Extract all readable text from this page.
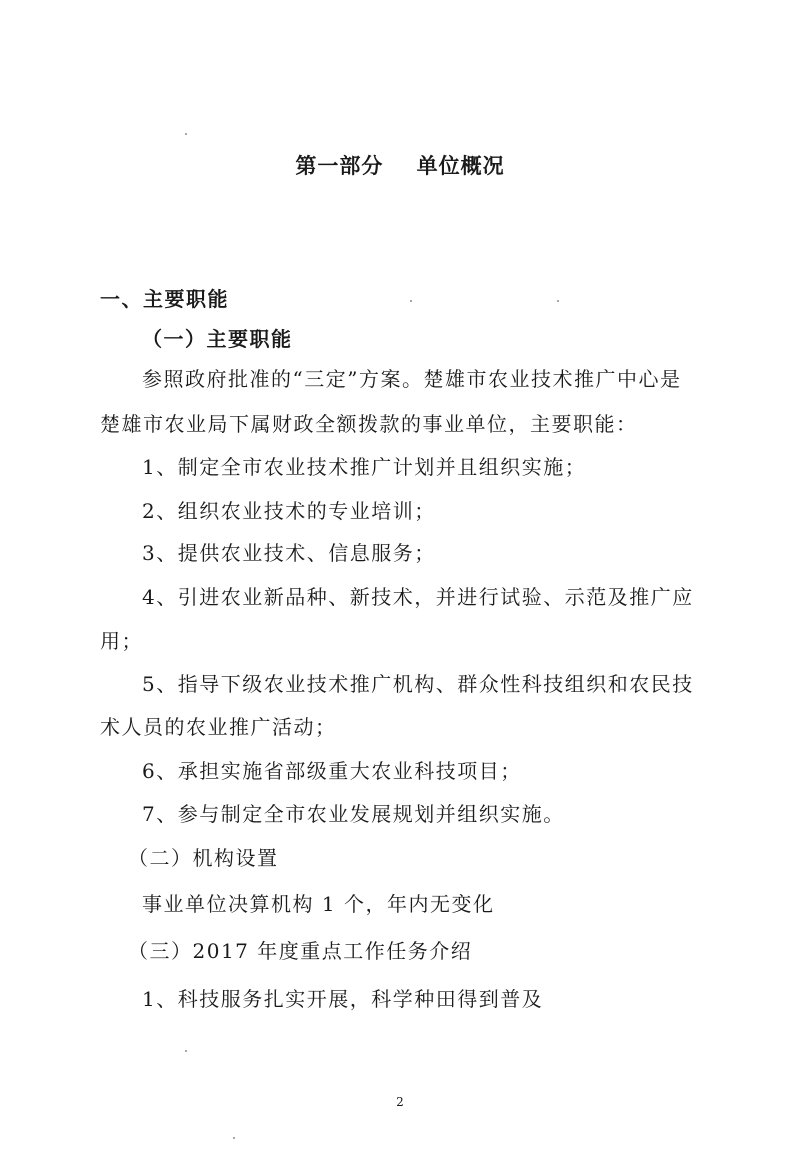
第一部分    单位概况
一、主要职能
（一）主要职能
参照政府批准的“三定”方案。楚雄市农业技术推广中心是
楚雄市农业局下属财政全额拨款的事业单位，主要职能：
1、制定全市农业技术推广计划并且组织实施；
2、组织农业技术的专业培训；
3、提供农业技术、信息服务；
4、引进农业新品种、新技术，并进行试验、示范及推广应
用；
5、指导下级农业技术推广机构、群众性科技组织和农民技
术人员的农业推广活动；
6、承担实施省部级重大农业科技项目；
7、参与制定全市农业发展规划并组织实施。
（二）机构设置
事业单位决算机构 1 个，年内无变化
（三）2017 年度重点工作任务介绍
1、科技服务扎实开展，科学种田得到普及
2
